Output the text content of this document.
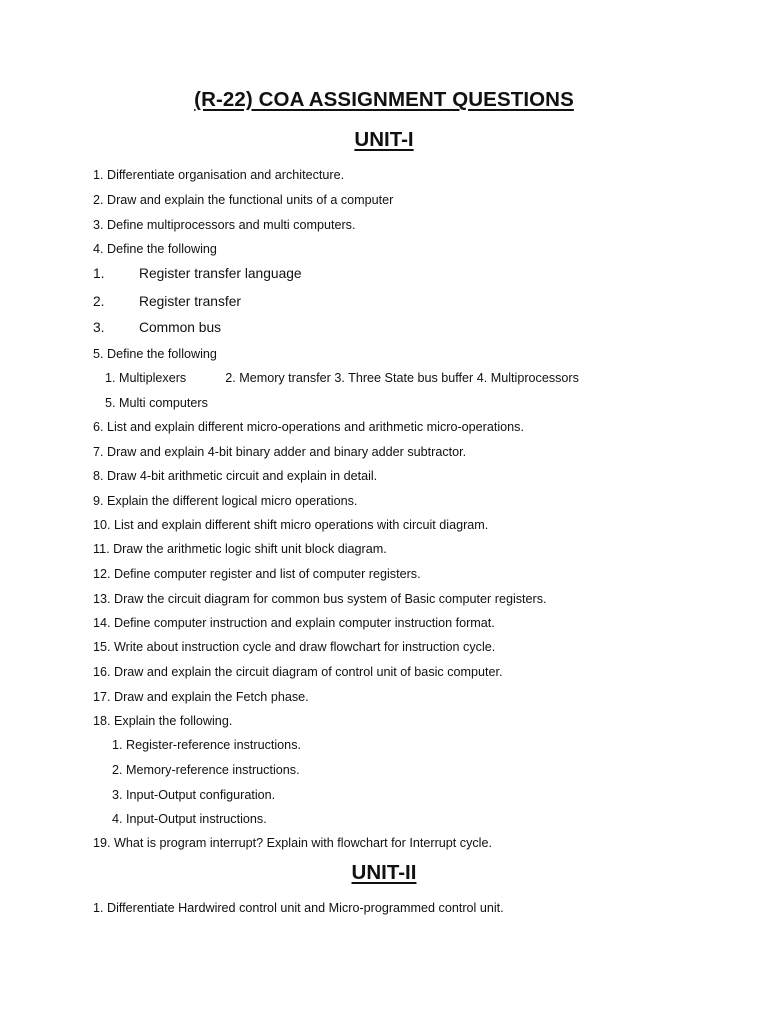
(R-22) COA ASSIGNMENT QUESTIONS
UNIT-I
1. Differentiate organisation and architecture.
2. Draw and explain the functional units of a computer
3. Define multiprocessors and multi computers.
4. Define the following
1. Register transfer language
2. Register transfer
3. Common bus
5. Define the following
1. Multiplexers	2. Memory transfer 3. Three State bus buffer 4. Multiprocessors
5. Multi computers
6. List and explain different micro-operations and arithmetic micro-operations.
7. Draw and explain 4-bit binary adder and binary adder subtractor.
8. Draw 4-bit arithmetic circuit and explain in detail.
9. Explain the different logical micro operations.
10. List and explain different shift micro operations with circuit diagram.
11. Draw the arithmetic logic shift unit block diagram.
12. Define computer register and list of computer registers.
13. Draw the circuit diagram for common bus system of Basic computer registers.
14. Define computer instruction and explain computer instruction format.
15. Write about instruction cycle and draw flowchart for instruction cycle.
16. Draw and explain the circuit diagram of control unit of basic computer.
17. Draw and explain the Fetch phase.
18. Explain the following.
1. Register-reference instructions.
2. Memory-reference instructions.
3. Input-Output configuration.
4. Input-Output instructions.
19. What is program interrupt? Explain with flowchart for Interrupt cycle.
UNIT-II
1. Differentiate Hardwired control unit and Micro-programmed control unit.
